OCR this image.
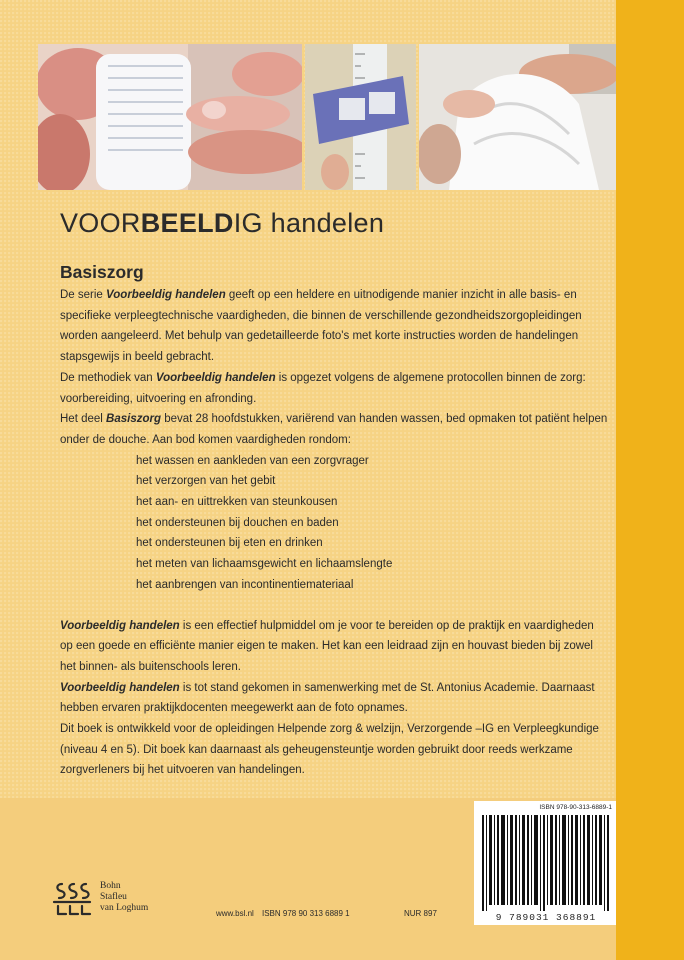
VOORBEELDIG handelen
Basiszorg

De serie Voorbeeldig handelen geeft op een heldere en uitnodigende manier inzicht in alle basis- en specifieke verpleegtechnische vaardigheden, die binnen de verschillende gezondheidszorgopleidingen worden aangeleerd. Met behulp van gedetailleerde foto's met korte instructies worden de handelingen stapsgewijs in beeld gebracht.

De methodiek van Voorbeeldig handelen is opgezet volgens de algemene protocollen binnen de zorg: voorbereiding, uitvoering en afronding.

Het deel Basiszorg bevat 28 hoofdstukken, variërend van handen wassen, bed opmaken tot patiënt helpen onder de douche. Aan bod komen vaardigheden rondom:

het wassen en aankleden van een zorgvrager
het verzorgen van het gebit
het aan- en uittrekken van steunkousen
het ondersteunen bij douchen en baden
het ondersteunen bij eten en drinken
het meten van lichaamsgewicht en lichaamslengte
het aanbrengen van incontinentiemateriaal

Voorbeeldig handelen is een effectief hulpmiddel om je voor te bereiden op de praktijk en vaardigheden op een goede en efficiënte manier eigen te maken. Het kan een leidraad zijn en houvast bieden bij zowel het binnen- als buitenschools leren.

Voorbeeldig handelen is tot stand gekomen in samenwerking met de St. Antonius Academie. Daarnaast hebben ervaren praktijkdocenten meegewerkt aan de foto opnames.

Dit boek is ontwikkeld voor de opleidingen Helpende zorg & welzijn, Verzorgende –IG en Verpleegkundige (niveau 4 en 5). Dit boek kan daarnaast als geheugensteuntje worden gebruikt door reeds werkzame zorgverleners bij het uitvoeren van handelingen.

Bohn
Stafleu
van Loghum
www.bsl.nl ISBN 978 90 313 6889 1	NUR 897
ISBN 978-90-313-6889-1
9 789031 368891
